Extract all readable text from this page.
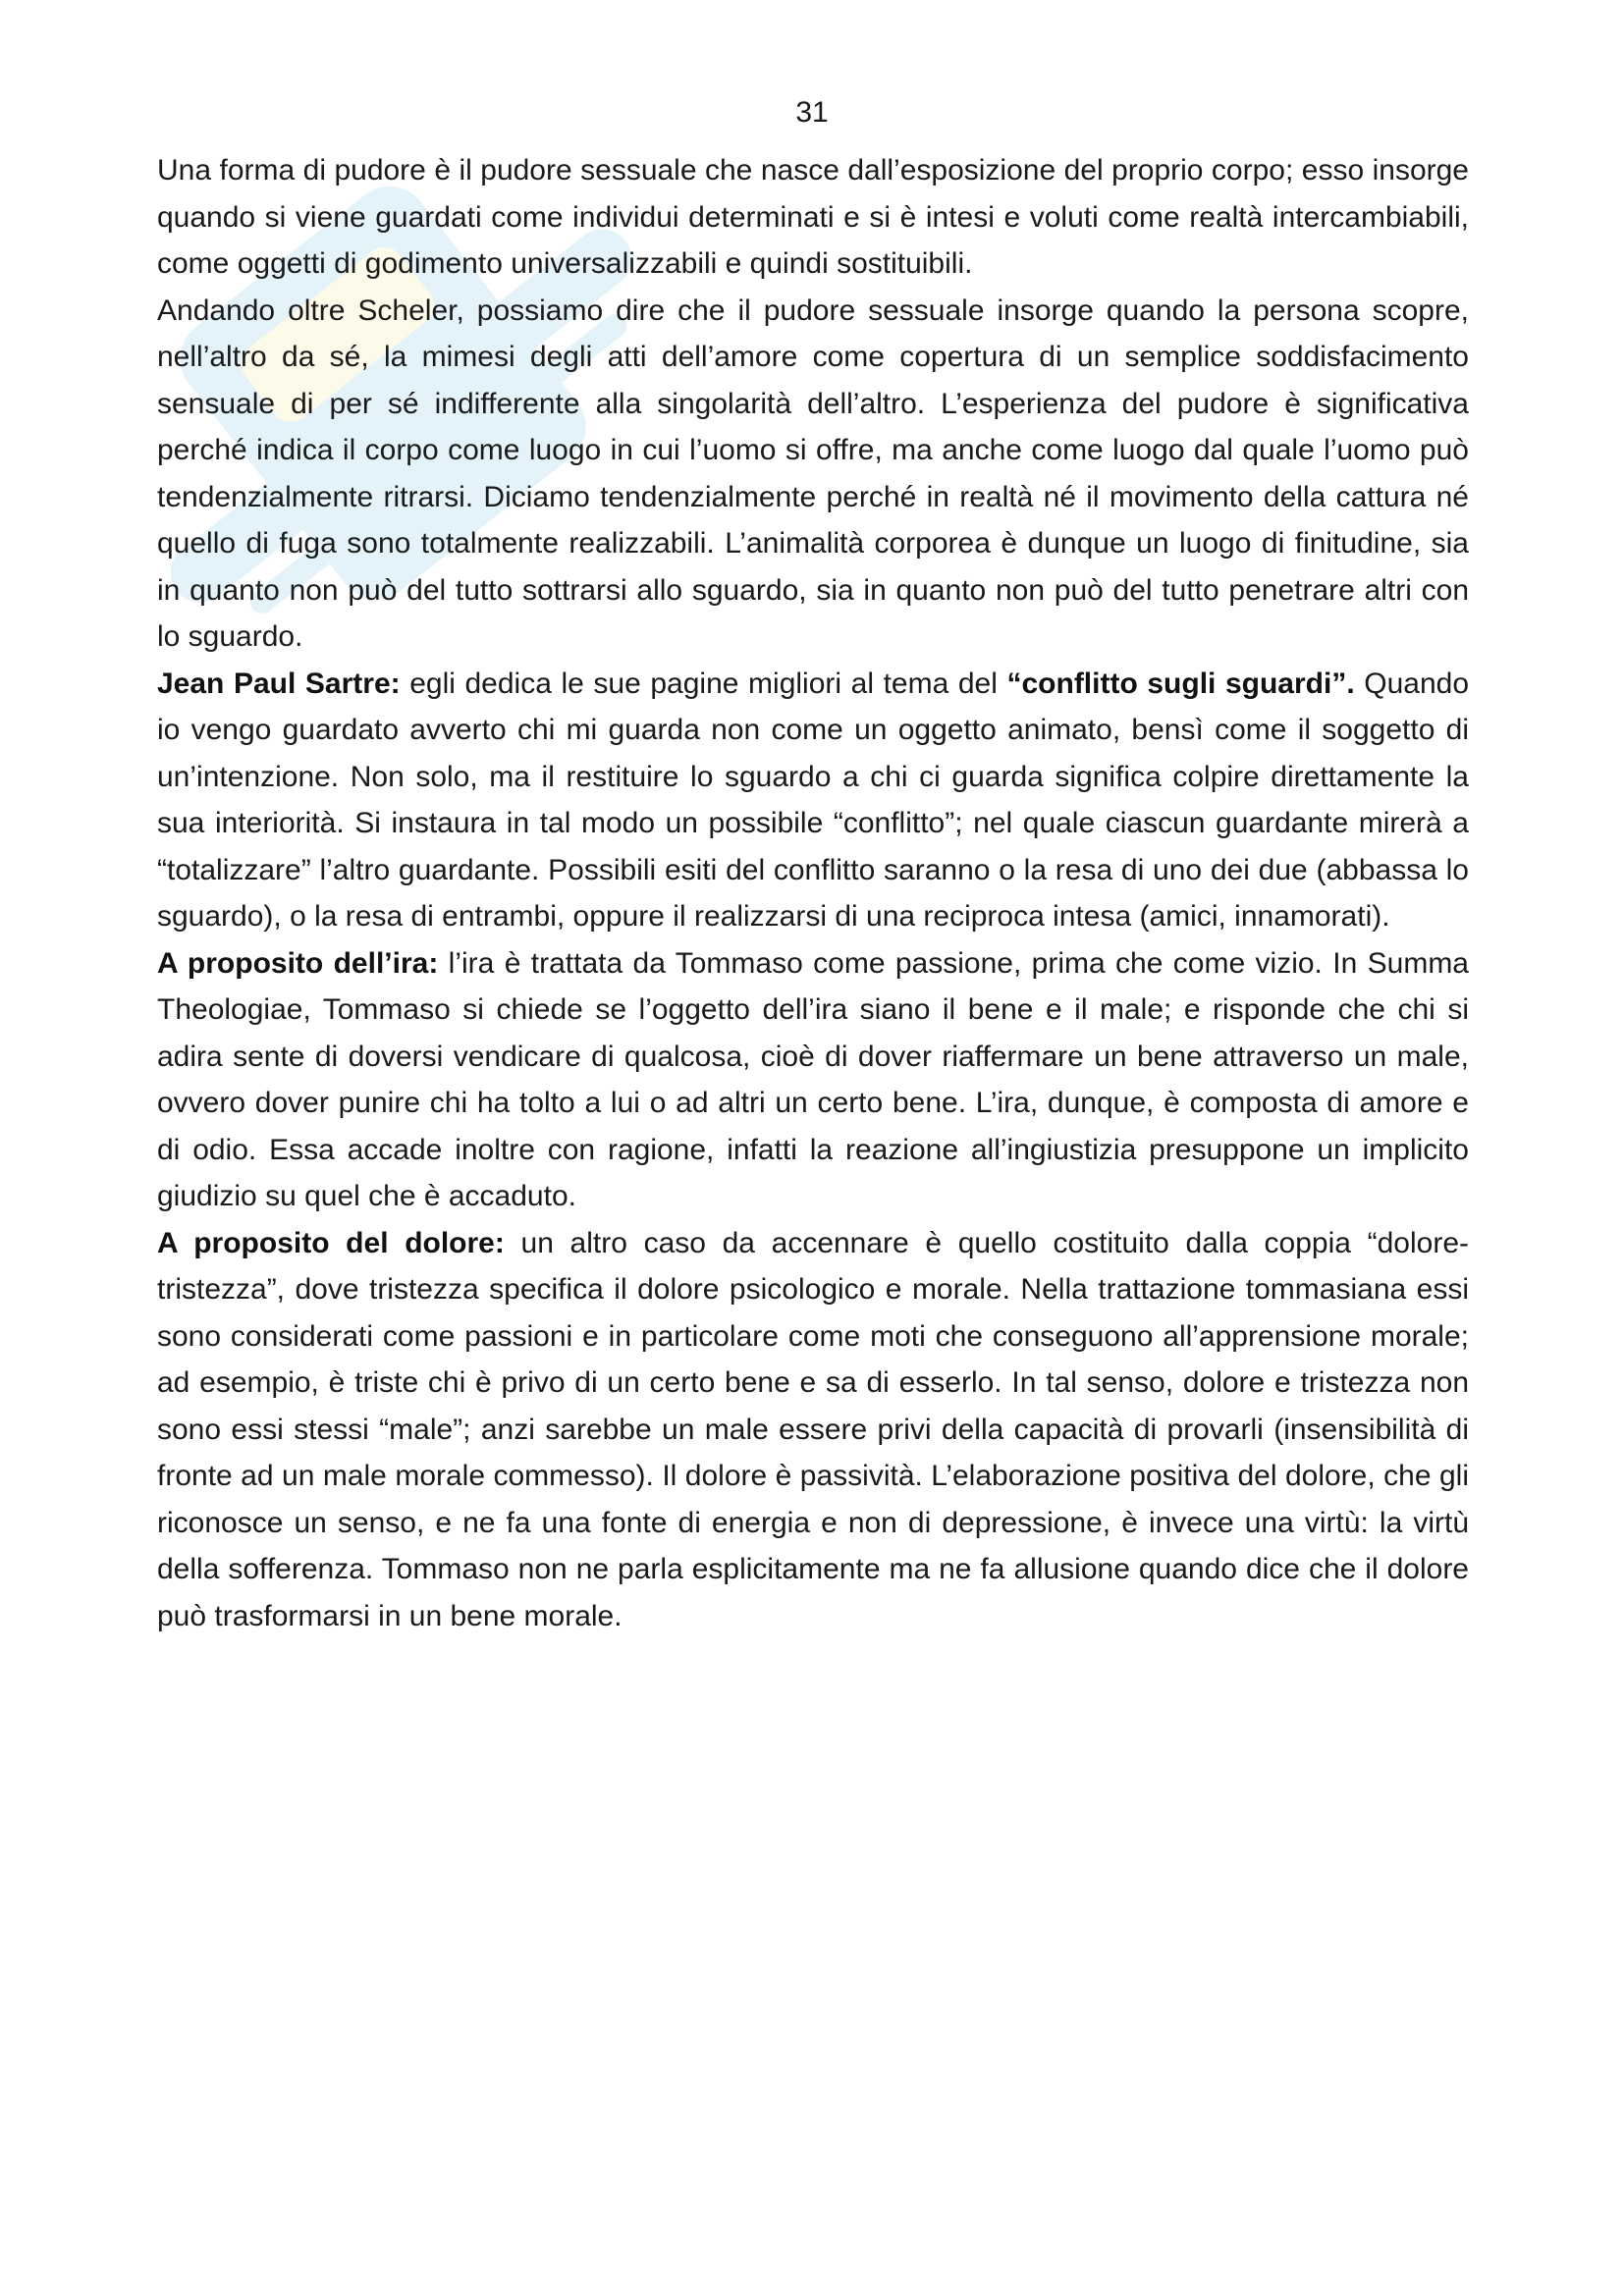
31

Una forma di pudore è il pudore sessuale che nasce dall’esposizione del proprio corpo; esso insorge quando si viene guardati come individui determinati e si è intesi e voluti come realtà intercambiabili, come oggetti di godimento universalizzabili e quindi sostituibili.

Andando oltre Scheler, possiamo dire che il pudore sessuale insorge quando la persona scopre, nell’altro da sé, la mimesi degli atti dell’amore come copertura di un semplice soddisfacimento sensuale di per sé indifferente alla singolarità dell’altro. L’esperienza del pudore è significativa perché indica il corpo come luogo in cui l’uomo si offre, ma anche come luogo dal quale l’uomo può tendenzialmente ritrarsi. Diciamo tendenzialmente perché in realtà né il movimento della cattura né quello di fuga sono totalmente realizzabili. L’animalità corporea è dunque un luogo di finitudine, sia in quanto non può del tutto sottrarsi allo sguardo, sia in quanto non può del tutto penetrare altri con lo sguardo.

Jean Paul Sartre: egli dedica le sue pagine migliori al tema del “conflitto sugli sguardi”. Quando io vengo guardato avverto chi mi guarda non come un oggetto animato, bensì come il soggetto di un’intenzione. Non solo, ma il restituire lo sguardo a chi ci guarda significa colpire direttamente la sua interiorità. Si instaura in tal modo un possibile “conflitto”; nel quale ciascun guardante mirerà a “totalizzare” l’altro guardante. Possibili esiti del conflitto saranno o la resa di uno dei due (abbassa lo sguardo), o la resa di entrambi, oppure il realizzarsi di una reciproca intesa (amici, innamorati).

A proposito dell’ira: l’ira è trattata da Tommaso come passione, prima che come vizio. In Summa Theologiae, Tommaso si chiede se l’oggetto dell’ira siano il bene e il male; e risponde che chi si adira sente di doversi vendicare di qualcosa, cioè di dover riaffermare un bene attraverso un male, ovvero dover punire chi ha tolto a lui o ad altri un certo bene. L’ira, dunque, è composta di amore e di odio. Essa accade inoltre con ragione, infatti la reazione all’ingiustizia presuppone un implicito giudizio su quel che è accaduto.

A proposito del dolore: un altro caso da accennare è quello costituito dalla coppia “dolore-tristezza”, dove tristezza specifica il dolore psicologico e morale. Nella trattazione tommasiana essi sono considerati come passioni e in particolare come moti che conseguono all’apprensione morale; ad esempio, è triste chi è privo di un certo bene e sa di esserlo. In tal senso, dolore e tristezza non sono essi stessi “male”; anzi sarebbe un male essere privi della capacità di provarli (insensibilità di fronte ad un male morale commesso). Il dolore è passività. L’elaborazione positiva del dolore, che gli riconosce un senso, e ne fa una fonte di energia e non di depressione, è invece una virtù: la virtù della sofferenza. Tommaso non ne parla esplicitamente ma ne fa allusione quando dice che il dolore può trasformarsi in un bene morale.
